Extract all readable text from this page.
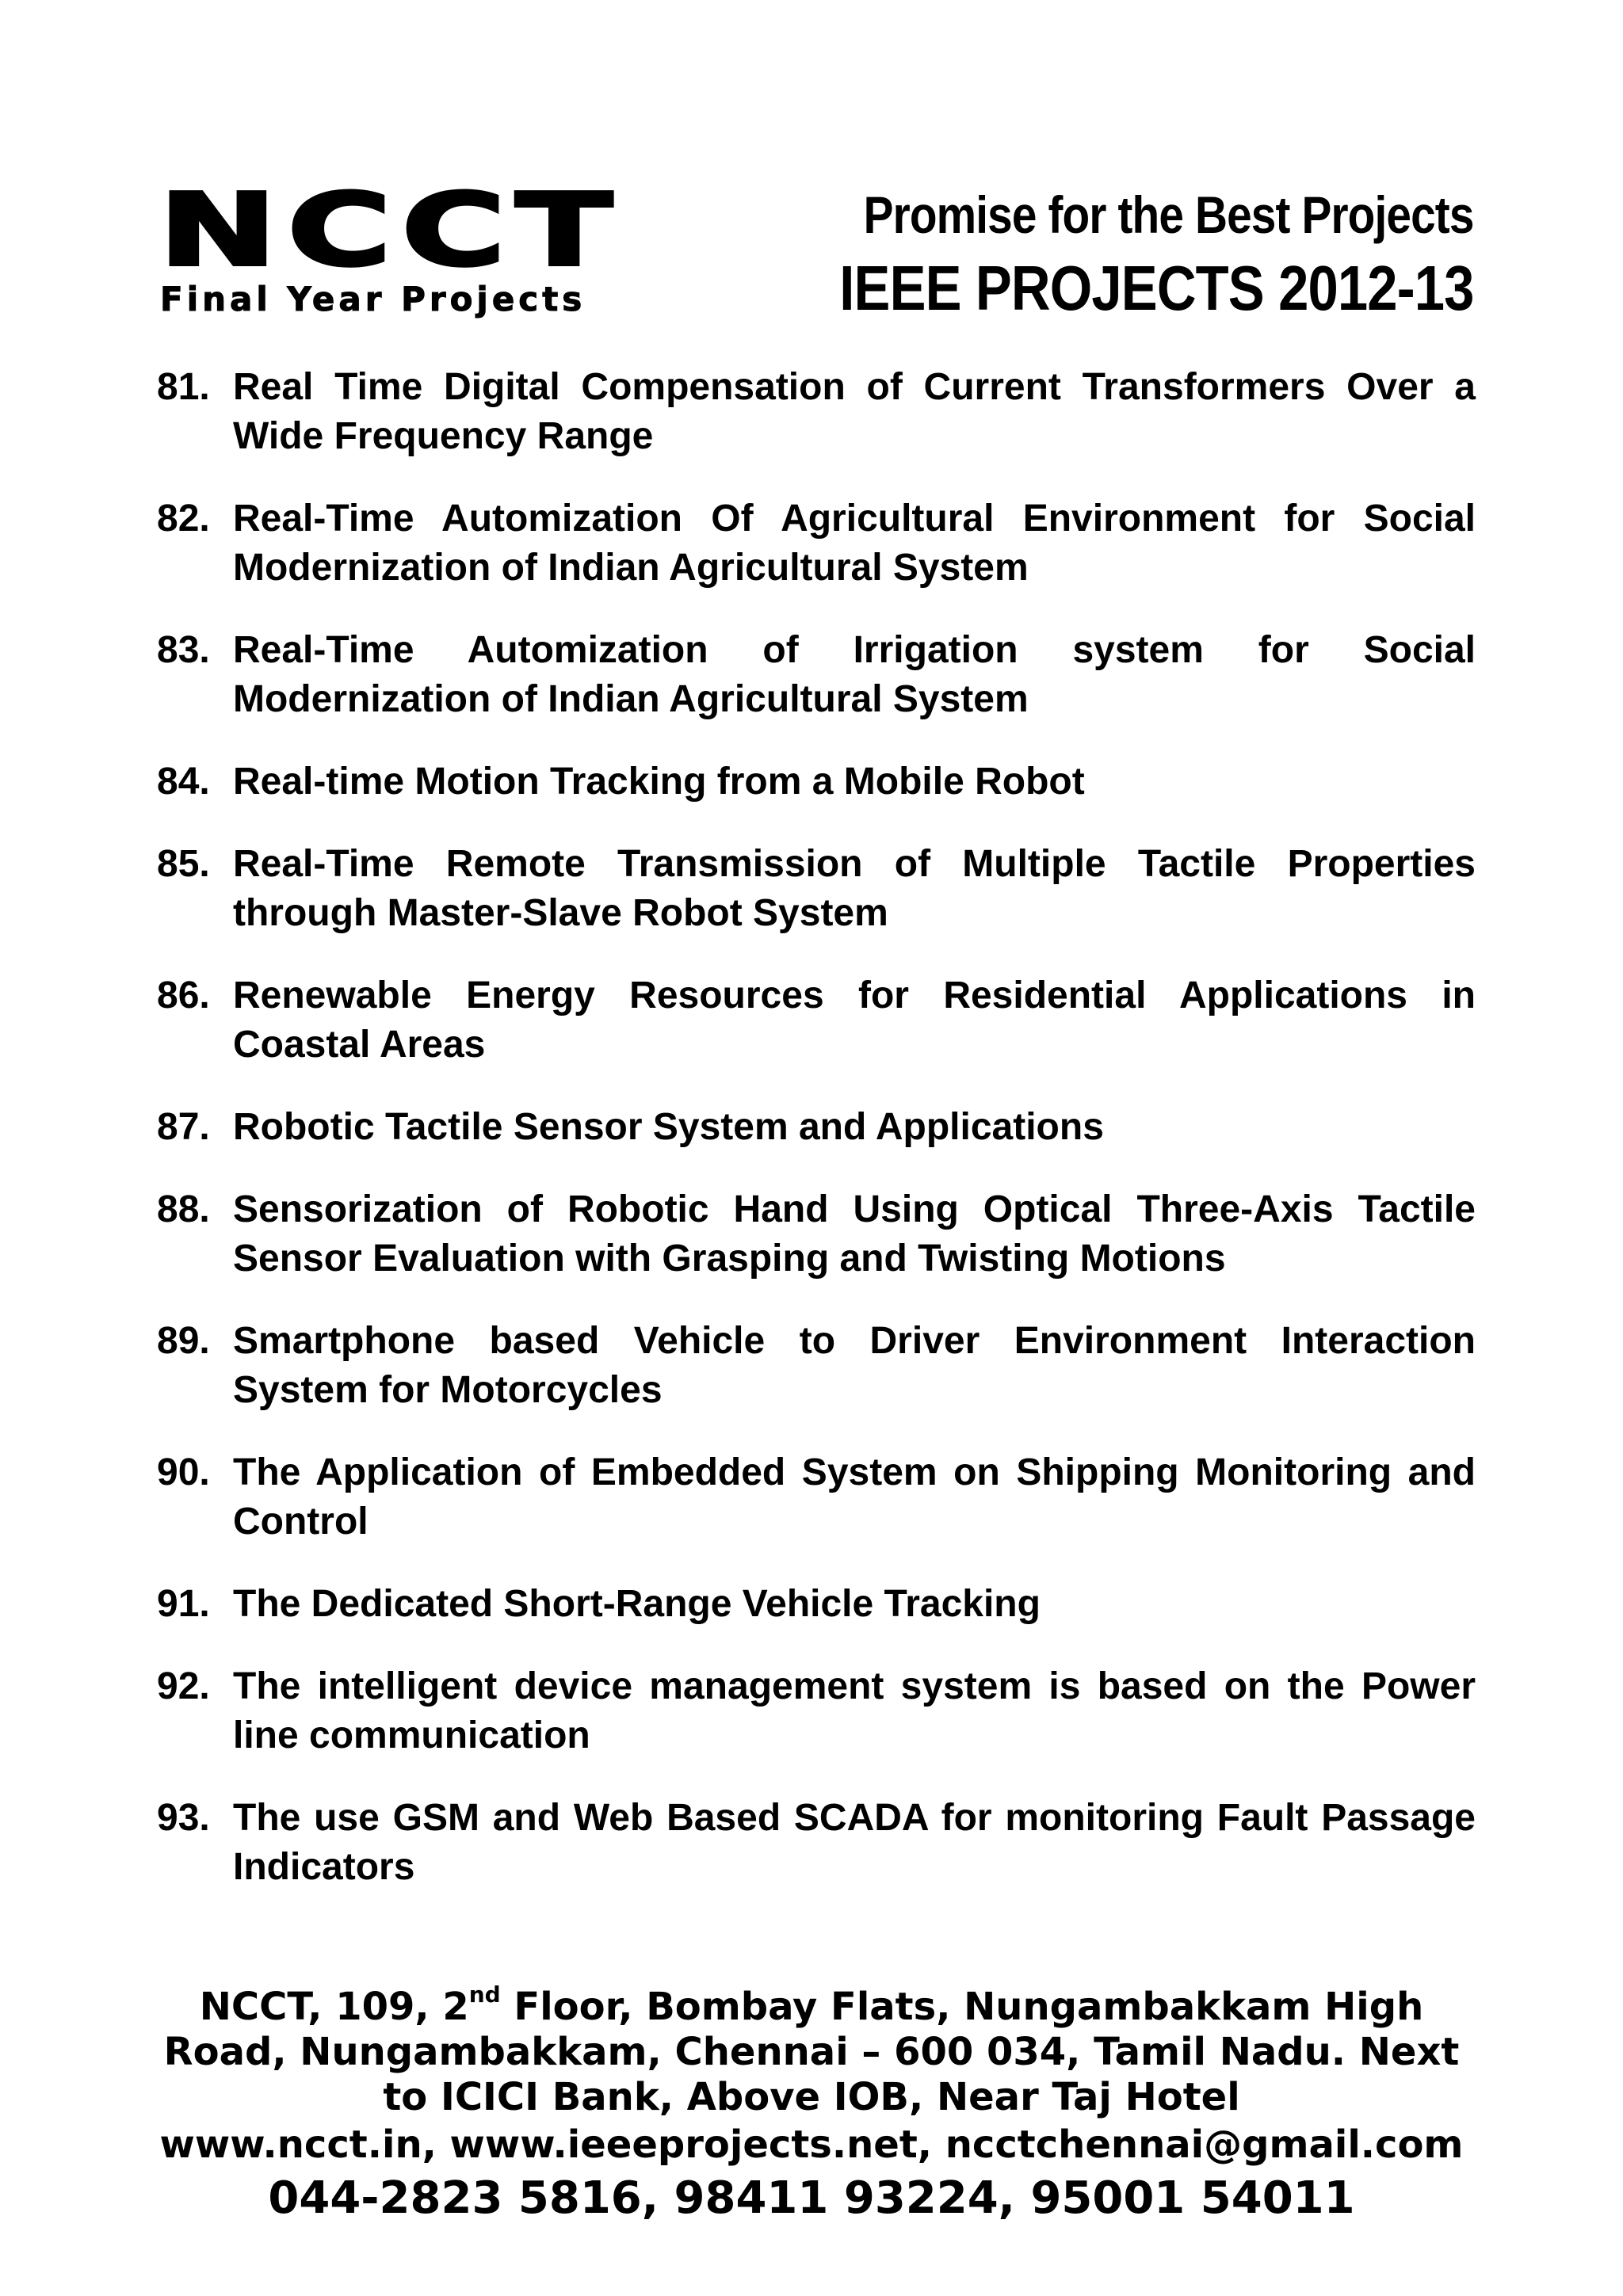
NCCT
Final Year Projects
Promise for the Best Projects
IEEE PROJECTS 2012-13
81. Real Time Digital Compensation of Current Transformers Over a Wide Frequency Range
82. Real-Time Automization Of Agricultural Environment for Social Modernization of Indian Agricultural System
83. Real-Time Automization of Irrigation system for Social Modernization of Indian Agricultural System
84. Real-time Motion Tracking from a Mobile Robot
85. Real-Time Remote Transmission of Multiple Tactile Properties through Master-Slave Robot System
86. Renewable Energy Resources for Residential Applications in Coastal Areas
87. Robotic Tactile Sensor System and Applications
88. Sensorization of Robotic Hand Using Optical Three-Axis Tactile Sensor Evaluation with Grasping and Twisting Motions
89. Smartphone based Vehicle to Driver Environment Interaction System for Motorcycles
90. The Application of Embedded System on Shipping Monitoring and Control
91. The Dedicated Short-Range Vehicle Tracking
92. The intelligent device management system is based on the Power line communication
93. The use GSM and Web Based SCADA for monitoring Fault Passage Indicators
NCCT, 109, 2nd Floor, Bombay Flats, Nungambakkam High Road, Nungambakkam, Chennai – 600 034, Tamil Nadu. Next to ICICI Bank, Above IOB, Near Taj Hotel
www.ncct.in, www.ieeeprojects.net, ncctchennai@gmail.com
044-2823 5816, 98411 93224, 95001 54011
